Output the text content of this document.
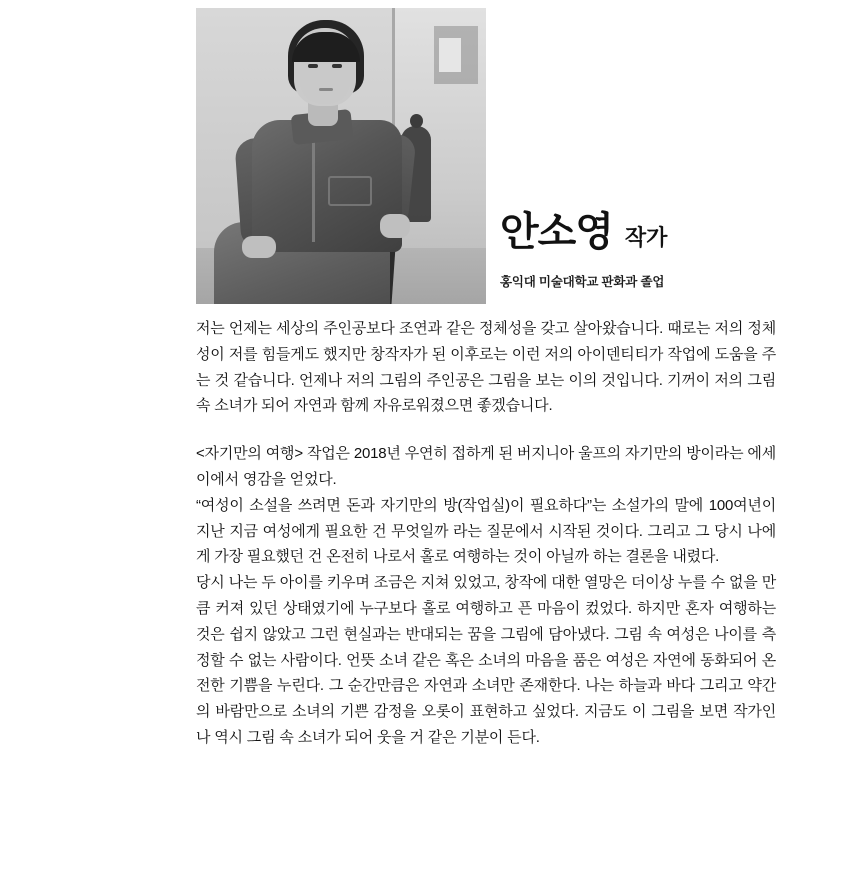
안소영 작가
홍익대 미술대학교 판화과 졸업

저는 언제는 세상의 주인공보다 조연과 같은 정체성을 갖고 살아왔습니다. 때로는 저의 정체성이 저를 힘들게도 했지만 창작자가 된 이후로는 이런 저의 아이덴티티가 작업에 도움을 주는 것 같습니다. 언제나 저의 그림의 주인공은 그림을 보는 이의 것입니다. 기꺼이 저의 그림 속 소녀가 되어 자연과 함께 자유로워졌으면 좋겠습니다.

<자기만의 여행> 작업은 2018년 우연히 접하게 된 버지니아 울프의 자기만의 방이라는 에세이에서 영감을 얻었다.

“여성이 소설을 쓰려면 돈과 자기만의 방(작업실)이 필요하다”는 소설가의 말에 100여년이 지난 지금 여성에게 필요한 건 무엇일까 라는 질문에서 시작된 것이다. 그리고 그 당시 나에게 가장 필요했던 건 온전히 나로서 홀로 여행하는 것이 아닐까 하는 결론을 내렸다.

당시 나는 두 아이를 키우며 조금은 지쳐 있었고, 창작에 대한 열망은 더이상 누를 수 없을 만큼 커져 있던 상태였기에 누구보다 홀로 여행하고 픈 마음이 컸었다. 하지만 혼자 여행하는 것은 쉽지 않았고 그런 현실과는 반대되는 꿈을 그림에 담아냈다. 그림 속 여성은 나이를 측정할 수 없는 사람이다. 언뜻 소녀 같은 혹은 소녀의 마음을 품은 여성은 자연에 동화되어 온전한 기쁨을 누린다. 그 순간만큼은 자연과 소녀만 존재한다. 나는 하늘과 바다 그리고 약간의 바람만으로 소녀의 기쁜 감정을 오롯이 표현하고 싶었다. 지금도 이 그림을 보면 작가인 나 역시 그림 속 소녀가 되어 웃을 거 같은 기분이 든다.
